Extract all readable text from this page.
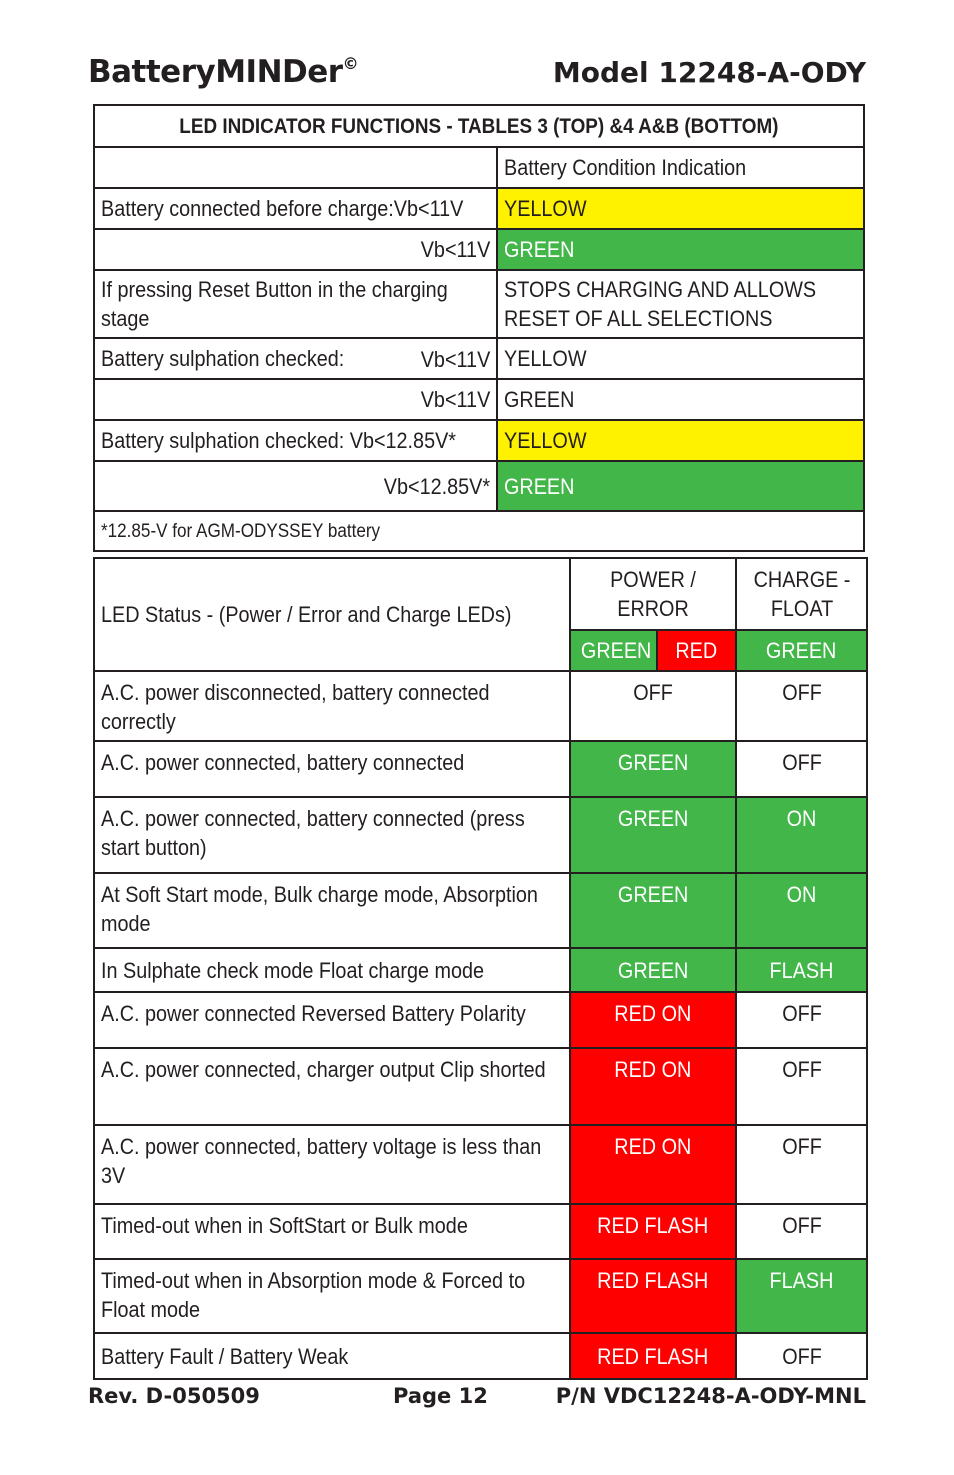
BatteryMINDer©	Model 12248-A-ODY
LED INDICATOR FUNCTIONS - TABLES 3 (TOP) &4 A&B (BOTTOM)	
	Battery Condition Indication
Battery connected before charge:Vb<11V	YELLOW
Vb<11V	GREEN

If pressing Reset Button in the charging stage	STOPS CHARGING AND ALLOWS RESET OF ALL SELECTIONS

Battery sulphation checked: Vb<11V	YELLOW
Vb<11V	GREEN
Battery sulphation checked: Vb<12.85V*	YELLOW
Vb<12.85V*	GREEN
*12.85-V for AGM-ODYSSEY battery	
LED Status - (Power / Error and Charge LEDs)	POWER / ERROR		CHARGE - FLOAT
	GREEN	RED	GREEN

A.C. power disconnected, battery connected correctly	OFF		OFF

A.C. power connected, battery connected	GREEN		OFF

A.C. power connected, battery connected (press start button)	GREEN		ON

At Soft Start mode, Bulk charge mode, Absorption mode	GREEN		ON
In Sulphate check mode Float charge mode	GREEN		FLASH
A.C. power connected Reversed Battery Polarity	RED ON		OFF

A.C. power connected, charger output Clip shorted	RED ON		OFF

A.C. power connected, battery voltage is less than 3V	RED ON		OFF
Timed-out when in SoftStart or Bulk mode	RED FLASH		OFF

Timed-out when in Absorption mode & Forced to Float mode	RED FLASH		FLASH
Battery Fault / Battery Weak	RED FLASH		OFF
Rev. D-050509	Page 12	P/N VDC12248-A-ODY-MNL
